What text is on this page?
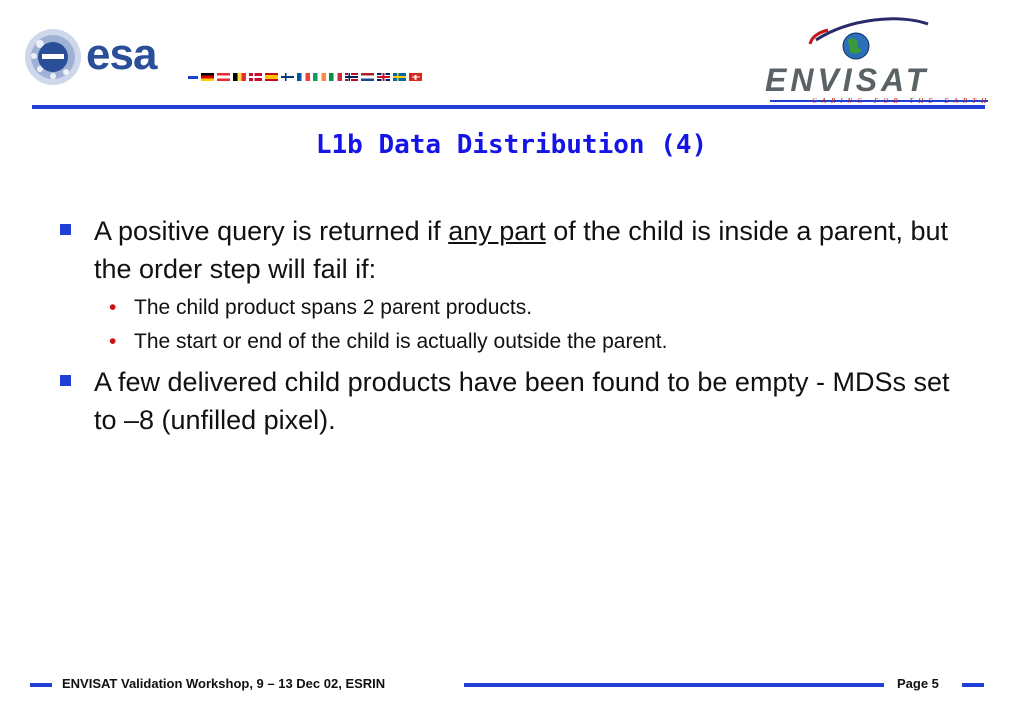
esa
ENVISAT
CARING FOR THE EARTH
L1b Data Distribution (4)
A positive query is returned if any part of the child is inside a parent, but the order step will fail if:
• The child product spans 2 parent products.
• The start or end of the child is actually outside the parent.
A few delivered child products have been found to be empty - MDSs set to –8 (unfilled pixel).
ENVISAT Validation Workshop, 9 – 13 Dec 02, ESRIN	Page 5
